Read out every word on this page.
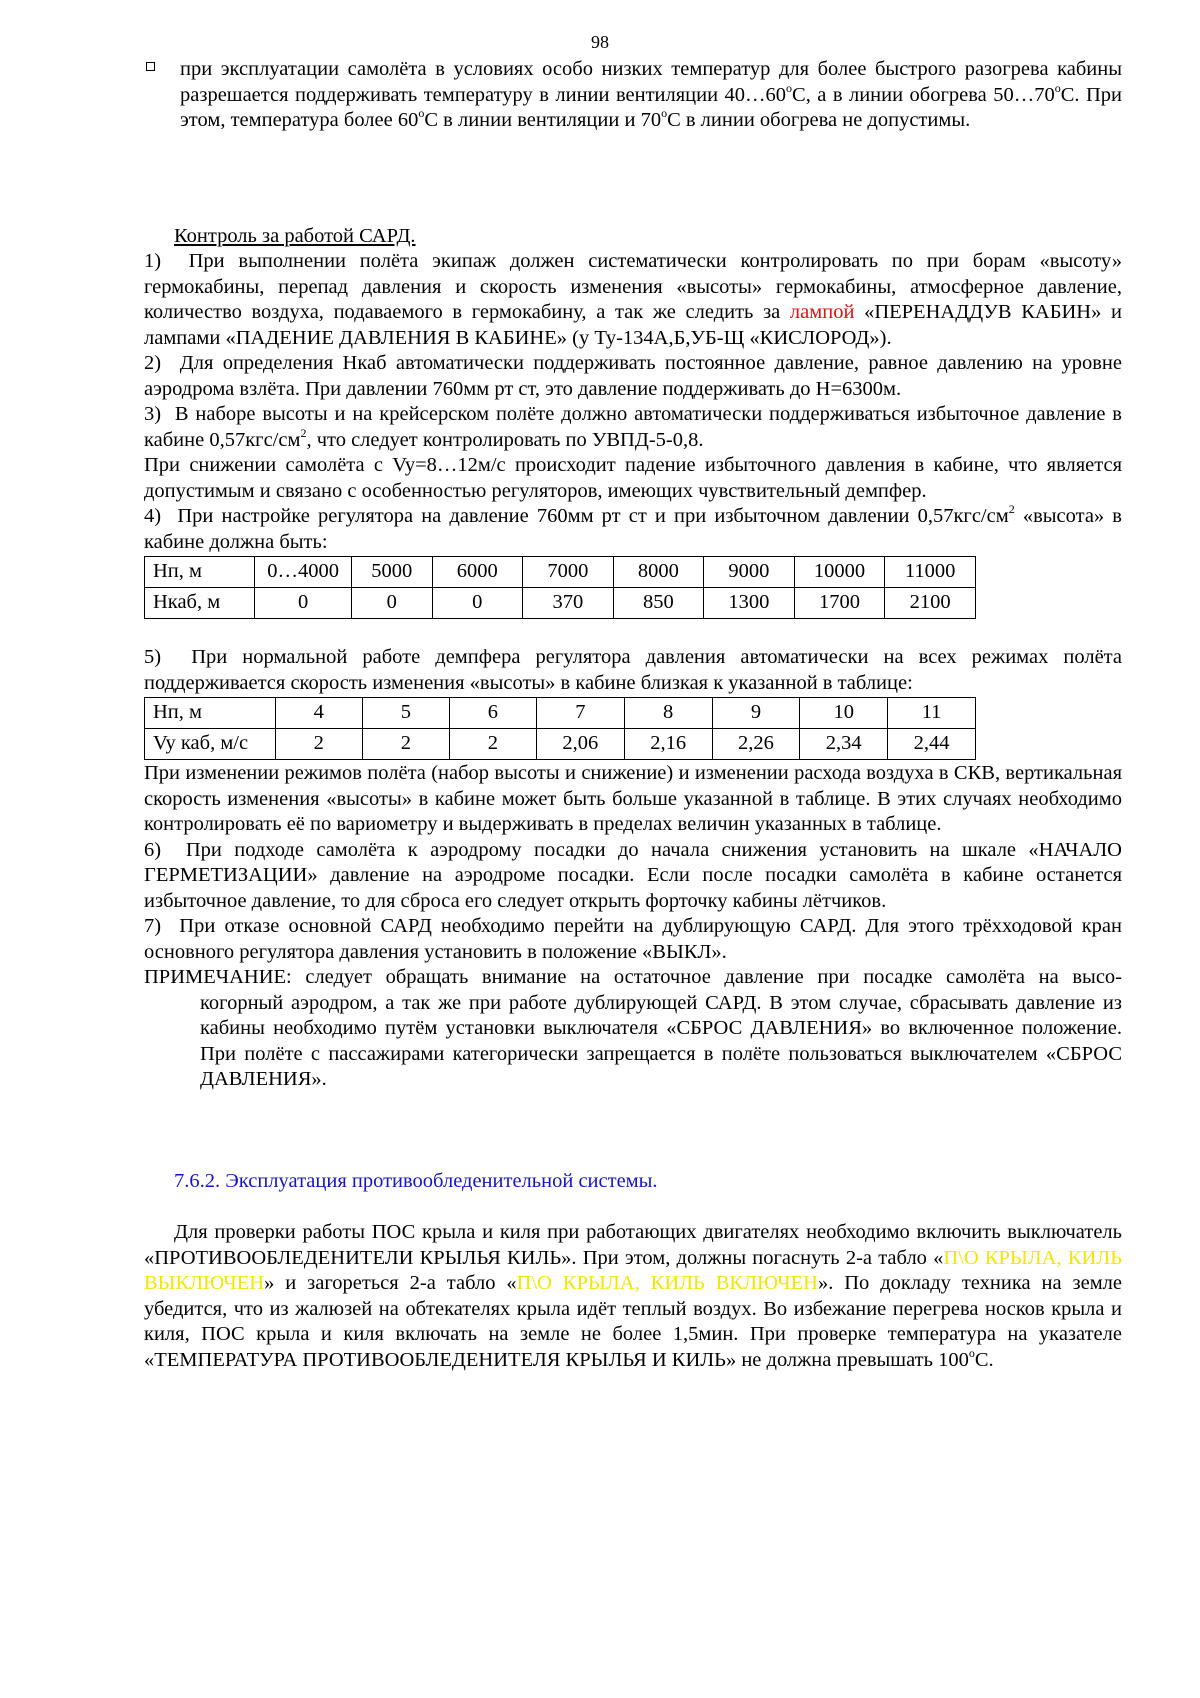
98

при эксплуатации самолёта в условиях особо низких температур для более быстрого разогрева кабины разрешается поддерживать температуру в линии вентиляции 40…60$^o$С, а в линии обогрева 50…70$^o$С. При этом, температура более 60$^o$С в линии вентиляции и 70$^o$С в линии обогрева не допустимы.

Контроль за работой САРД.

1)  При выполнении полёта экипаж должен систематически контролировать по при борам «высоту» гермокабины, перепад давления и скорость изменения «высоты» гермокабины, атмосферное давление, количество воздуха, подаваемого в гермокабину, а так же следить за лампой «ПЕРЕНАДДУВ КАБИН» и лампами «ПАДЕНИЕ ДАВЛЕНИЯ В КАБИНЕ» (у Ту-134А,Б,УБ-Щ «КИСЛОРОД»).

2)  Для определения Нкаб автоматически поддерживать постоянное давление, равное давлению на уровне аэродрома взлёта. При давлении 760мм рт ст, это давление поддерживать до Н=6300м.

3)  В наборе высоты и на крейсерском полёте должно автоматически поддерживаться избыточное давление в кабине $0,57кгс/см^2$, что следует контролировать по УВПД-5-0,8.

При снижении самолёта с Vy=8…12м/с происходит падение избыточного давления в кабине, что является допустимым и связано с особенностью регуляторов, имеющих чувствительный демпфер.

4)  При настройке регулятора на давление 760мм рт ст и при избыточном давлении $0,57кгс/см^2$ «высота» в кабине должна быть:

Нп, м	0…4000	5000	6000	7000	8000	9000	10000	11000
Нкаб, м	0	0	0	370	850	1300	1700	2100

5)  При нормальной работе демпфера регулятора давления автоматически на всех режимах полёта поддерживается скорость изменения «высоты» в кабине близкая к указанной в таблице:

Нп, м	4	5	6	7	8	9	10	11
Vy каб, м/с	2	2	2	2,06	2,16	2,26	2,34	2,44

При изменении режимов полёта (набор высоты и снижение) и изменении расхода воздуха в СКВ, вертикальная скорость изменения «высоты» в кабине может быть больше указанной в таблице. В этих случаях необходимо контролировать её по вариометру и выдерживать в пределах величин указанных в таблице.

6)  При подходе самолёта к аэродрому посадки до начала снижения установить на шкале «НАЧАЛО ГЕРМЕТИЗАЦИИ» давление на аэродроме посадки. Если после посадки самолёта в кабине останется избыточное давление, то для сброса его следует открыть форточку кабины лётчиков.

7)  При отказе основной САРД необходимо перейти на дублирующую САРД. Для этого трёхходовой кран основного регулятора давления установить в положение «ВЫКЛ».

ПРИМЕЧАНИЕ: следует обращать внимание на остаточное давление при посадке самолёта на высо-

когорный аэродром, а так же при работе дублирующей САРД. В этом случае, сбрасывать давление из кабины необходимо путём установки выключателя «СБРОС ДАВЛЕНИЯ» во включенное положение. При полёте с пассажирами категорически запрещается в полёте пользоваться выключателем «СБРОС ДАВЛЕНИЯ».

7.6.2. Эксплуатация противообледенительной системы.

Для проверки работы ПОС крыла и киля при работающих двигателях необходимо включить выключатель «ПРОТИВООБЛЕДЕНИТЕЛИ КРЫЛЬЯ КИЛЬ». При этом, должны погаснуть 2-а табло «П\О КРЫЛА, КИЛЬ ВЫКЛЮЧЕН» и загореться 2-а табло «П\О КРЫЛА, КИЛЬ ВКЛЮЧЕН». По докладу техника на земле убедится, что из жалюзей на обтекателях крыла идёт теплый воздух. Во избежание перегрева носков крыла и киля, ПОС крыла и киля включать на земле не более 1,5мин. При проверке температура на указателе «ТЕМПЕРАТУРА ПРОТИВООБЛЕДЕНИТЕЛЯ КРЫЛЬЯ И КИЛЬ» не должна превышать 100$^o$С.
